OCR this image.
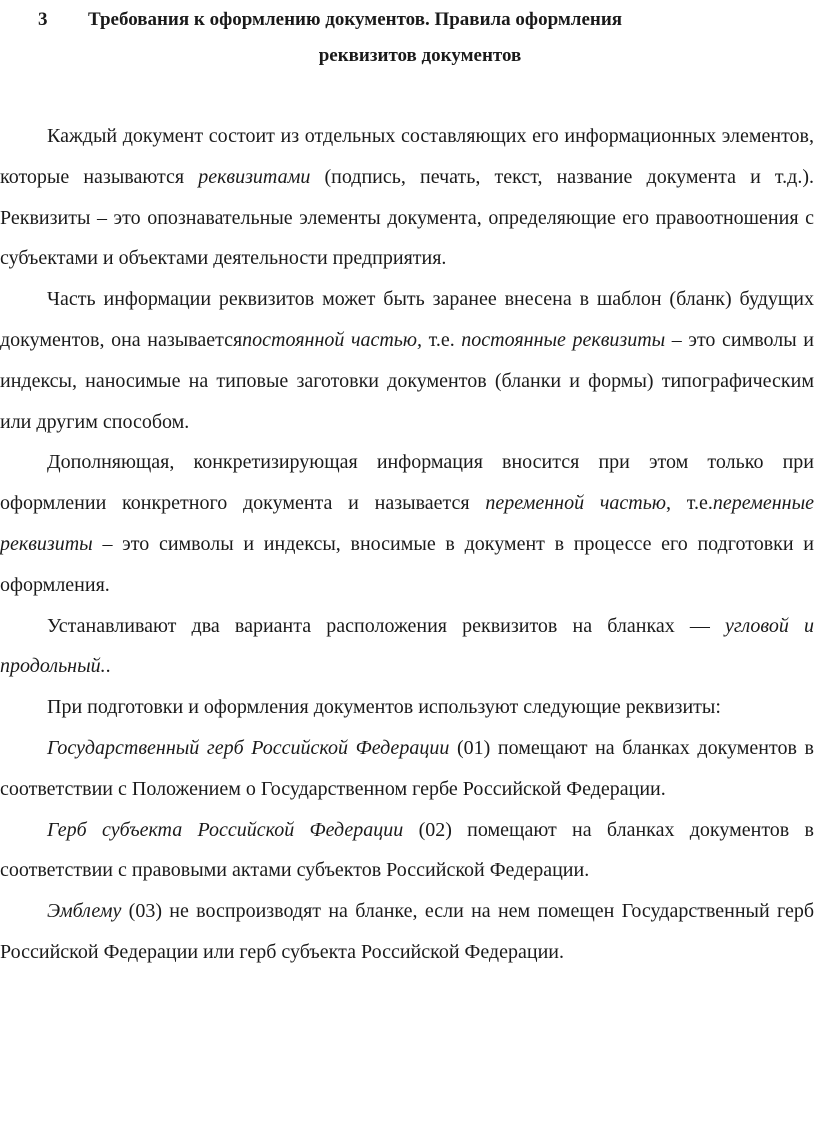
3 Требования к оформлению документов. Правила оформления
реквизитов документов

Каждый документ состоит из отдельных составляющих его информационных элементов, которые называются реквизитами (подпись, печать, текст, название документа и т.д.). Реквизиты – это опознавательные элементы документа, определяющие его правоотношения с субъектами и объектами деятельности предприятия.

Часть информации реквизитов может быть заранее внесена в шаблон (бланк) будущих документов, она называетсяпостоянной частью, т.е. постоянные реквизиты – это символы и индексы, наносимые на типовые заготовки документов (бланки и формы) типографическим или другим способом.

Дополняющая, конкретизирующая информация вносится при этом только при оформлении конкретного документа и называется переменной частью, т.е.переменные реквизиты – это символы и индексы, вносимые в документ в процессе его подготовки и оформления.

Устанавливают два варианта расположения реквизитов на бланках — угловой и продольный..

При подготовки и оформления документов используют следующие реквизиты:

Государственный герб Российской Федерации (01) помещают на бланках документов в соответствии с Положением о Государственном гербе Российской Федерации.

Герб субъекта Российской Федерации (02) помещают на бланках документов в соответствии с правовыми актами субъектов Российской Федерации.

Эмблему (03) не воспроизводят на бланке, если на нем помещен Государственный герб Российской Федерации или герб субъекта Российской Федерации.
